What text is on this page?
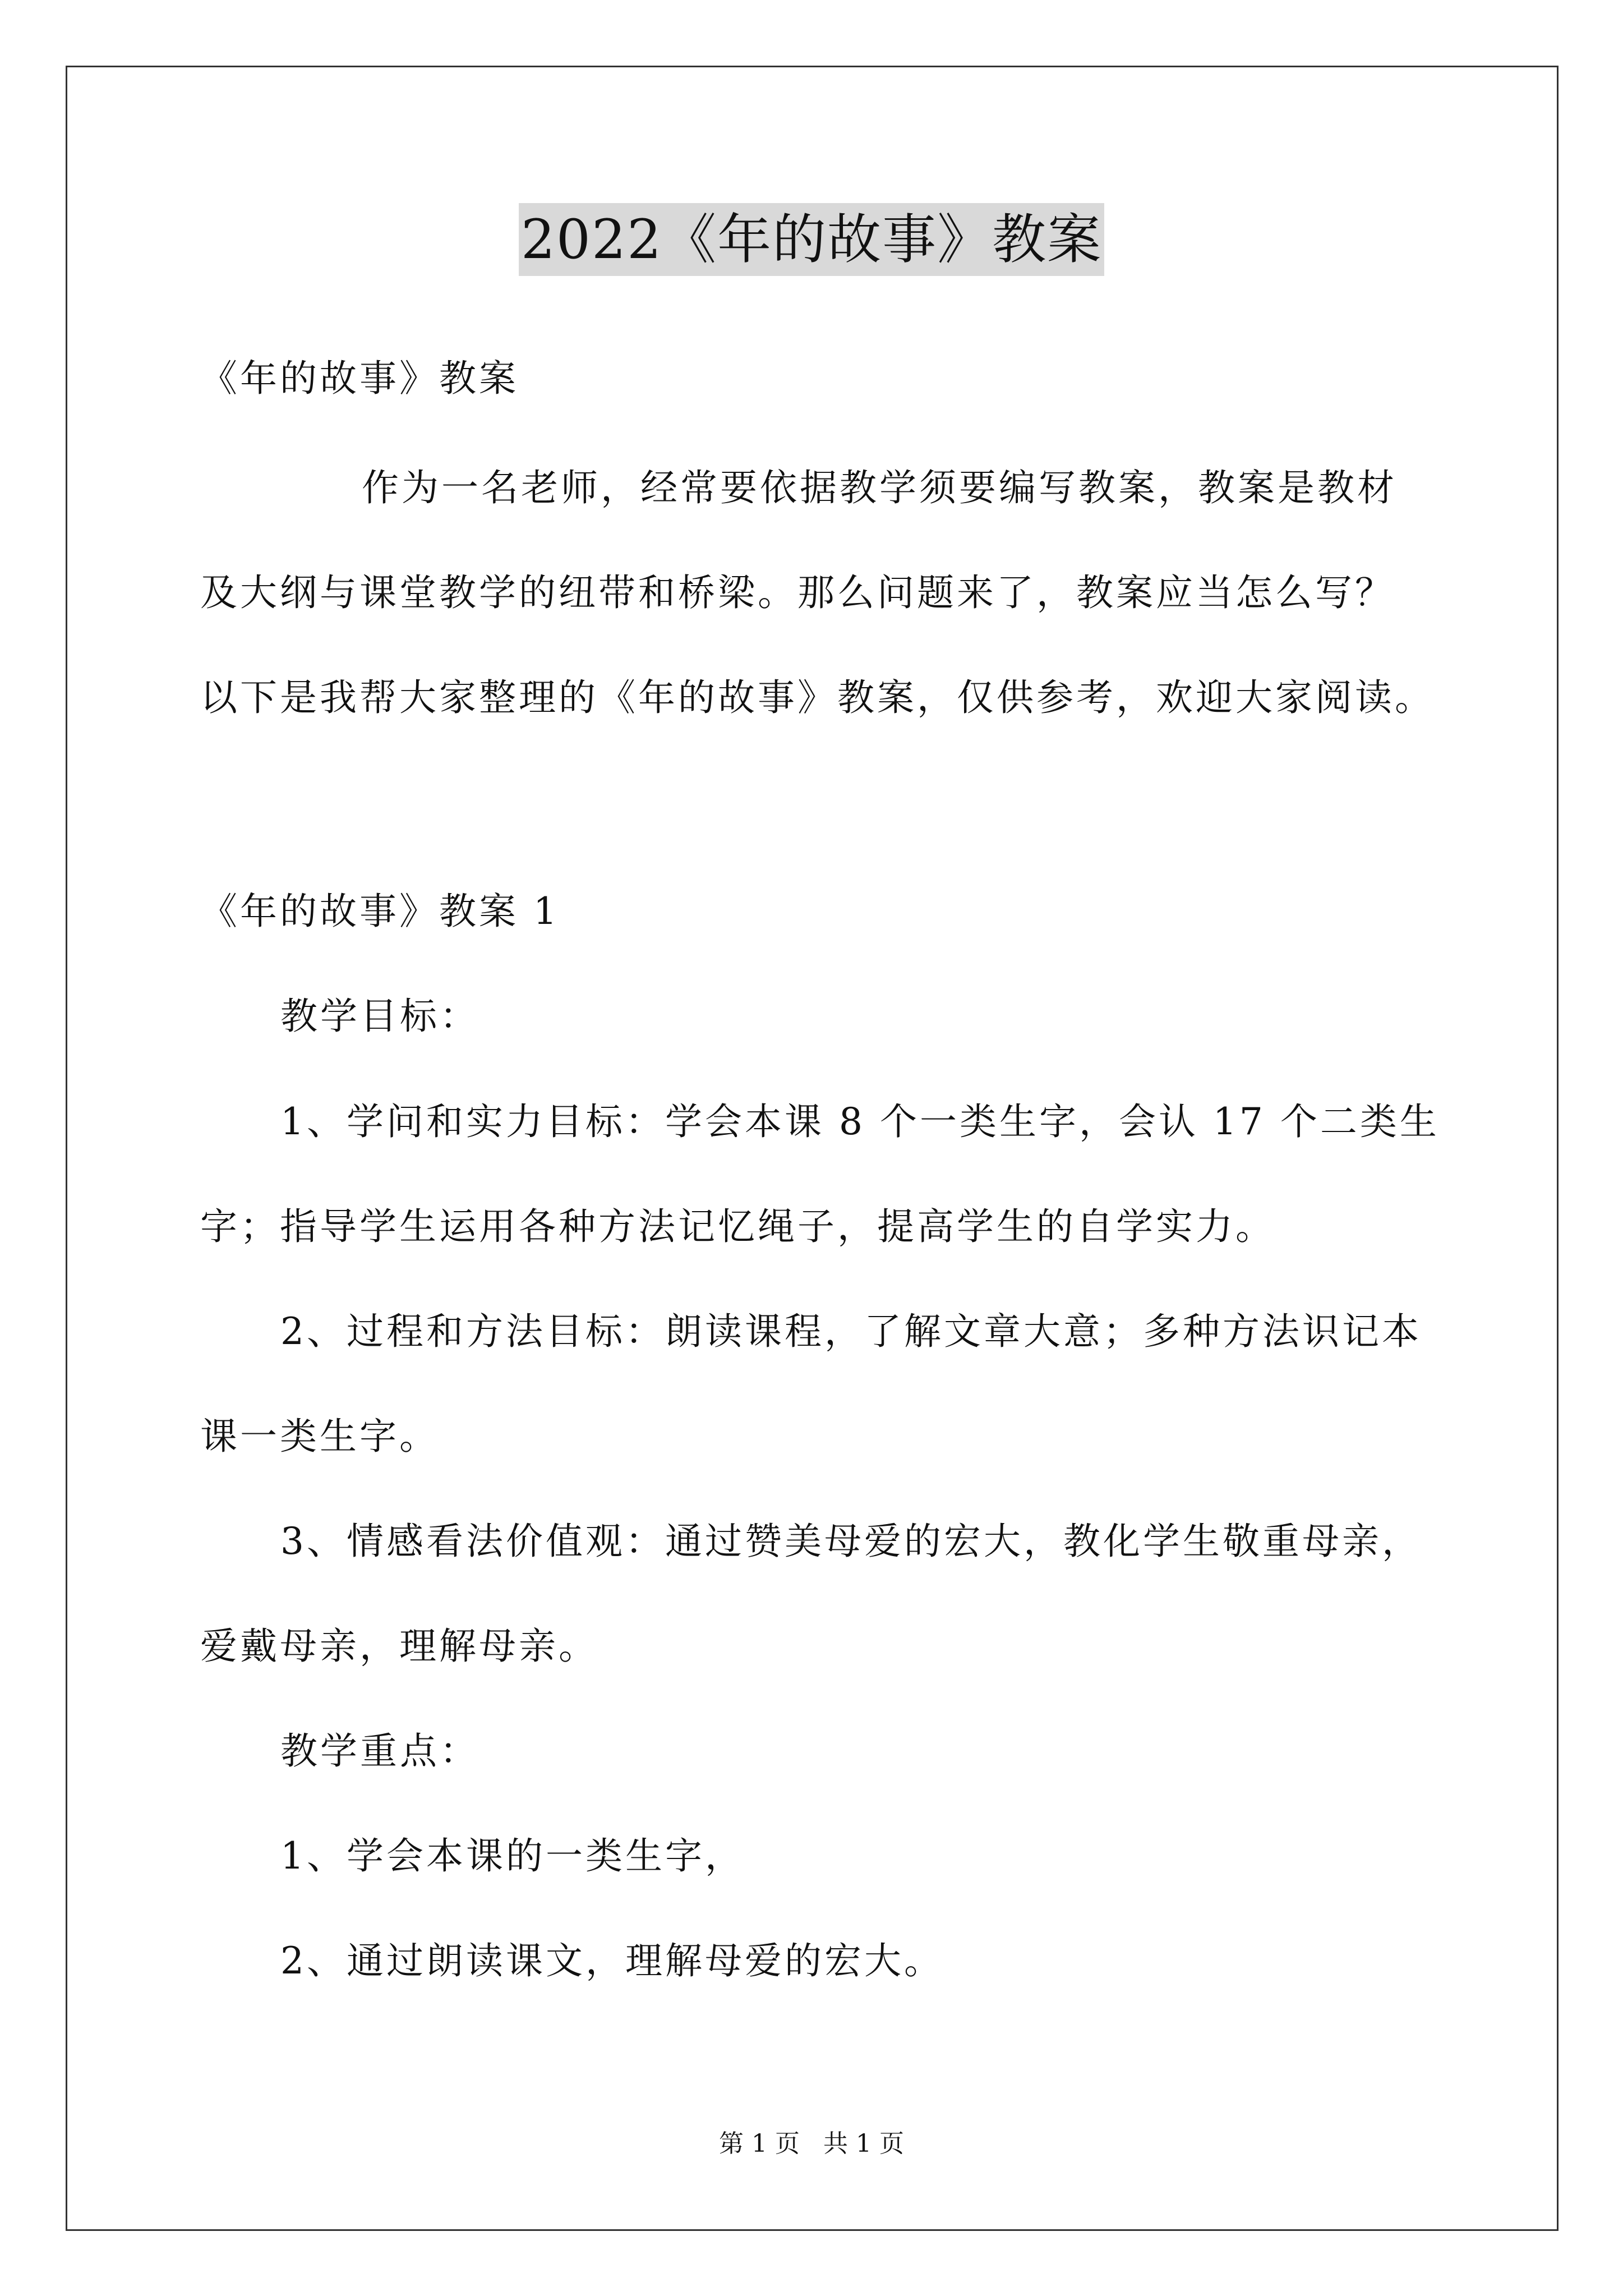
2022《年的故事》教案
《年的故事》教案
作为一名老师，经常要依据教学须要编写教案，教案是教材
及大纲与课堂教学的纽带和桥梁。那么问题来了，教案应当怎么写？
以下是我帮大家整理的《年的故事》教案，仅供参考，欢迎大家阅读。
《年的故事》教案 1
教学目标：
1、学问和实力目标：学会本课 8 个一类生字，会认 17 个二类生
字；指导学生运用各种方法记忆绳子，提高学生的自学实力。
2、过程和方法目标：朗读课程，了解文章大意；多种方法识记本
课一类生字。
3、情感看法价值观：通过赞美母爱的宏大，教化学生敬重母亲，
爱戴母亲，理解母亲。
教学重点：
1、学会本课的一类生字，
2、通过朗读课文，理解母爱的宏大。
第 1 页   共 1 页
